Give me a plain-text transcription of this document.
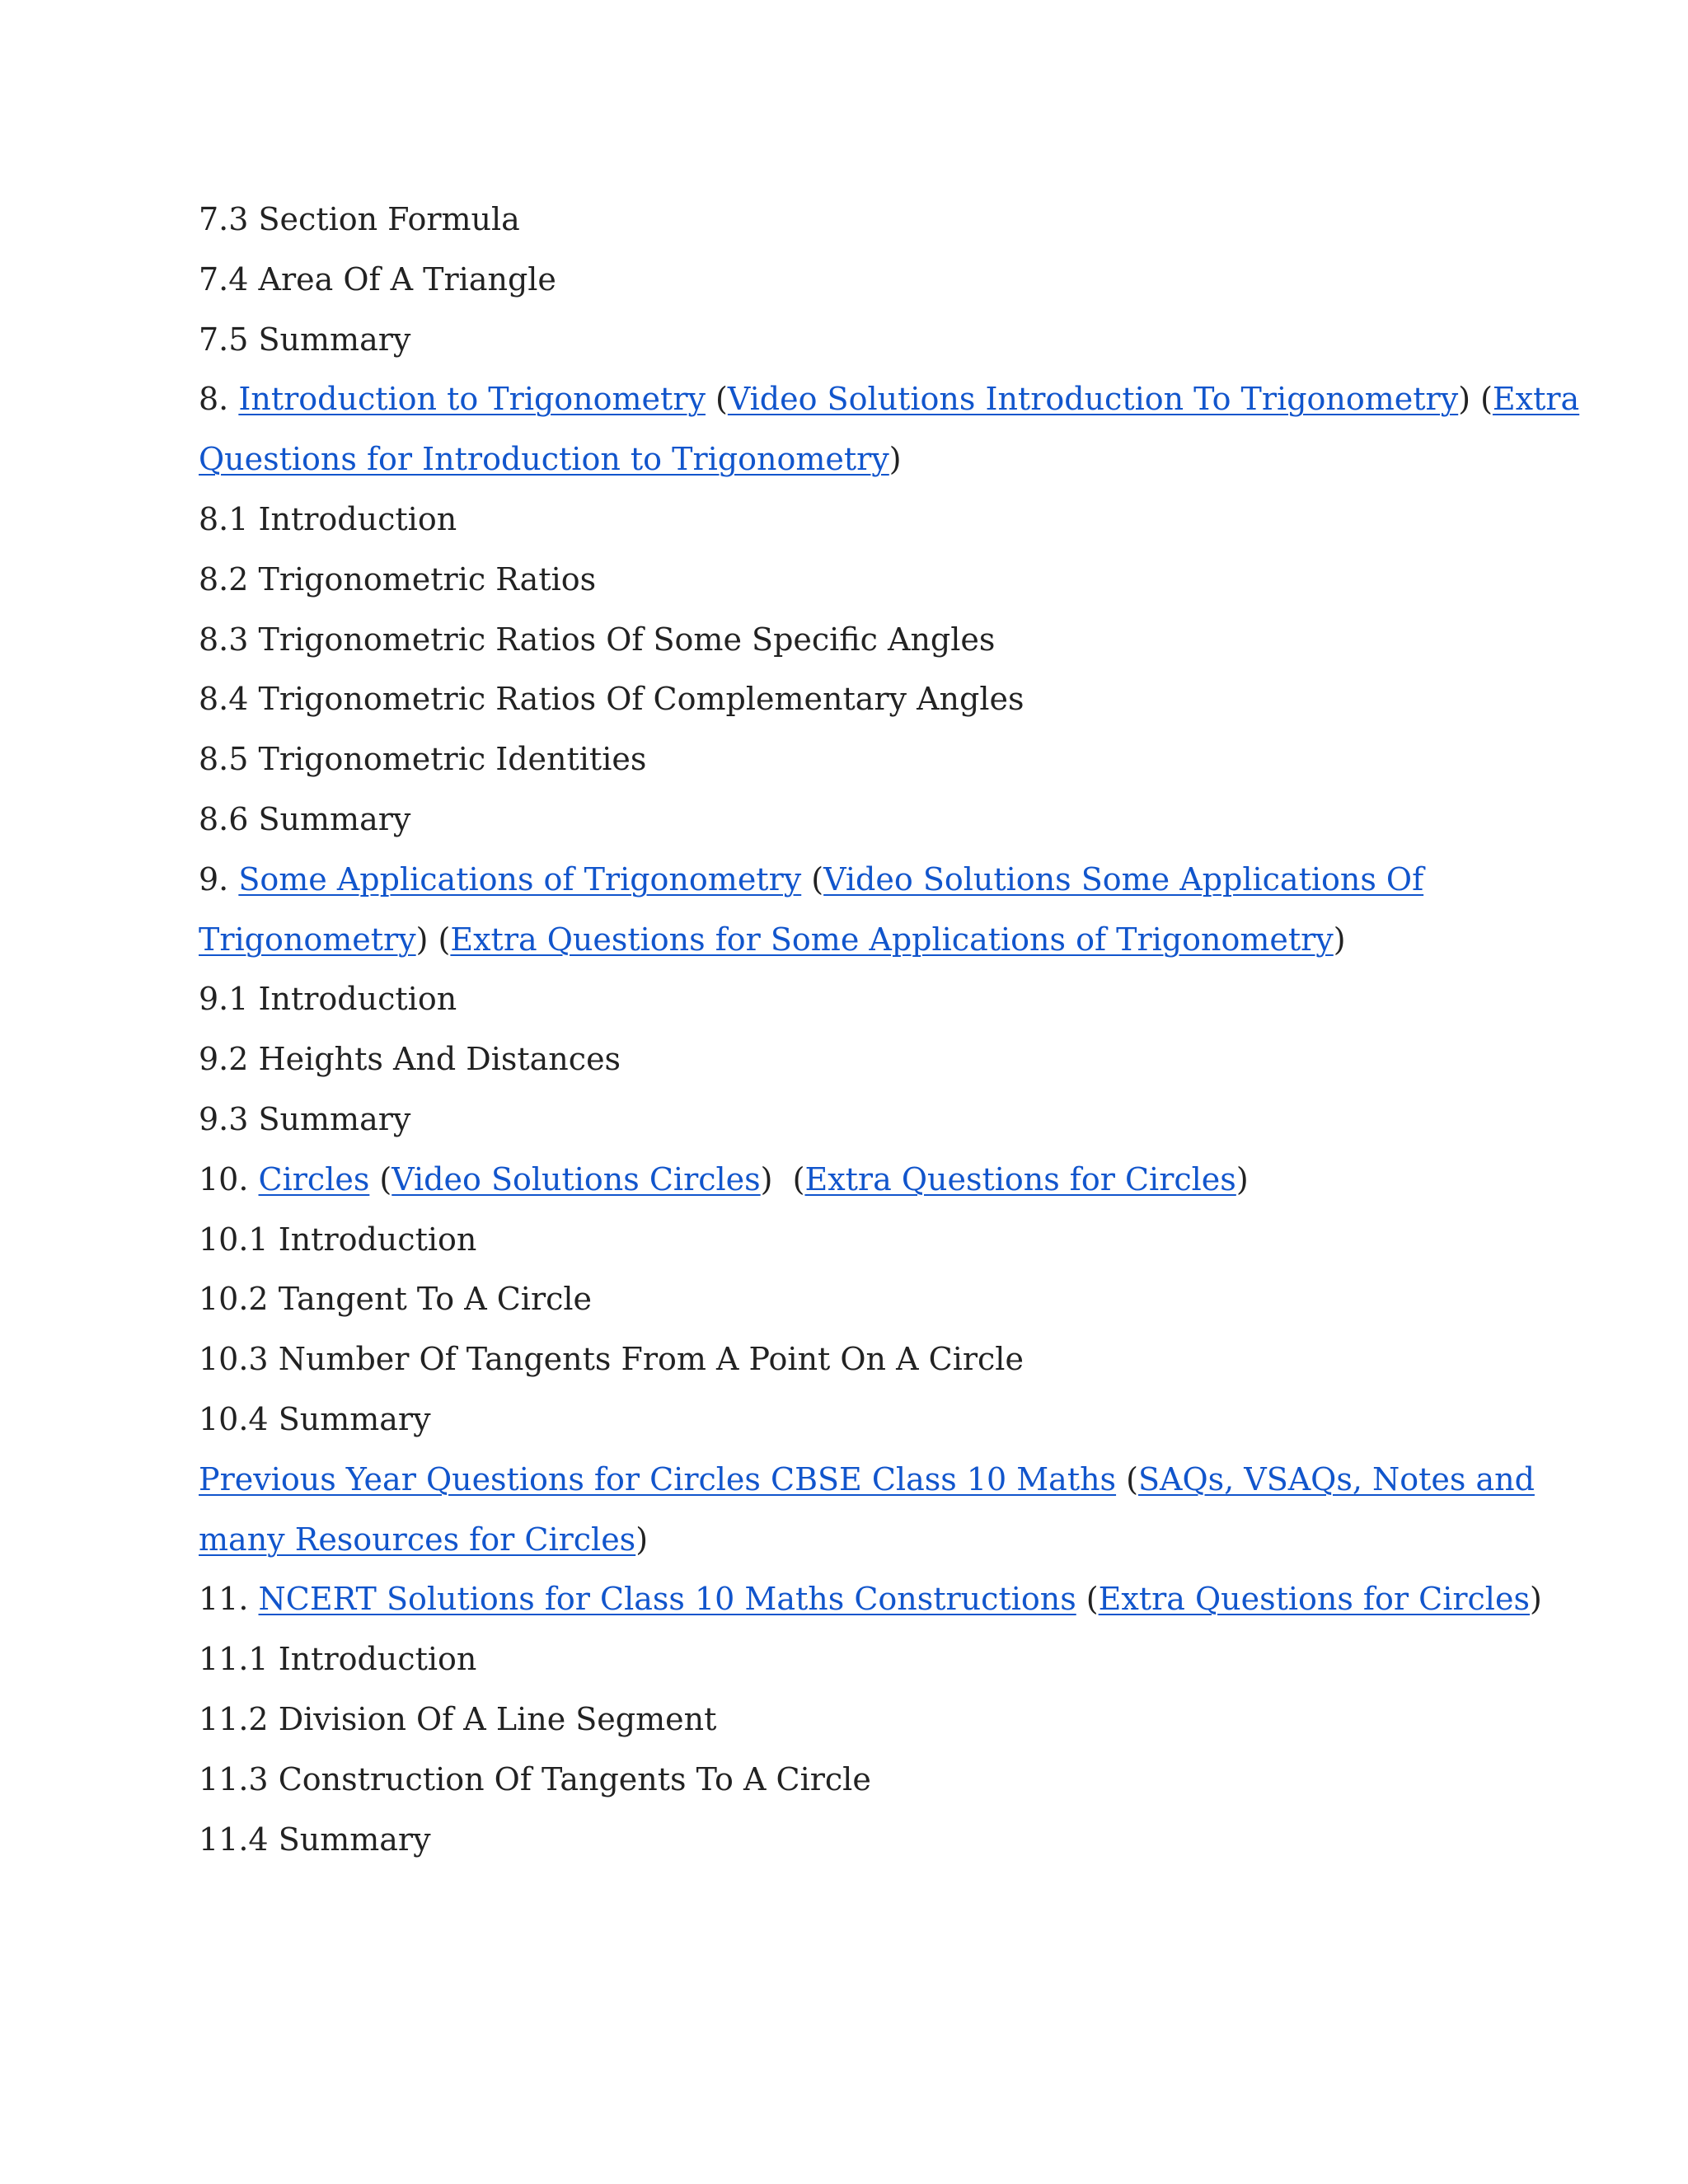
7.3 Section Formula
7.4 Area Of A Triangle
7.5 Summary
8. Introduction to Trigonometry (Video Solutions Introduction To Trigonometry) (Extra
Questions for Introduction to Trigonometry)
8.1 Introduction
8.2 Trigonometric Ratios
8.3 Trigonometric Ratios Of Some Specific Angles
8.4 Trigonometric Ratios Of Complementary Angles
8.5 Trigonometric Identities
8.6 Summary
9. Some Applications of Trigonometry (Video Solutions Some Applications Of
Trigonometry) (Extra Questions for Some Applications of Trigonometry)
9.1 Introduction
9.2 Heights And Distances
9.3 Summary
10. Circles (Video Solutions Circles)  (Extra Questions for Circles)
10.1 Introduction
10.2 Tangent To A Circle
10.3 Number Of Tangents From A Point On A Circle
10.4 Summary
Previous Year Questions for Circles CBSE Class 10 Maths (SAQs, VSAQs, Notes and
many Resources for Circles)
11. NCERT Solutions for Class 10 Maths Constructions (Extra Questions for Circles)
11.1 Introduction
11.2 Division Of A Line Segment
11.3 Construction Of Tangents To A Circle
11.4 Summary
